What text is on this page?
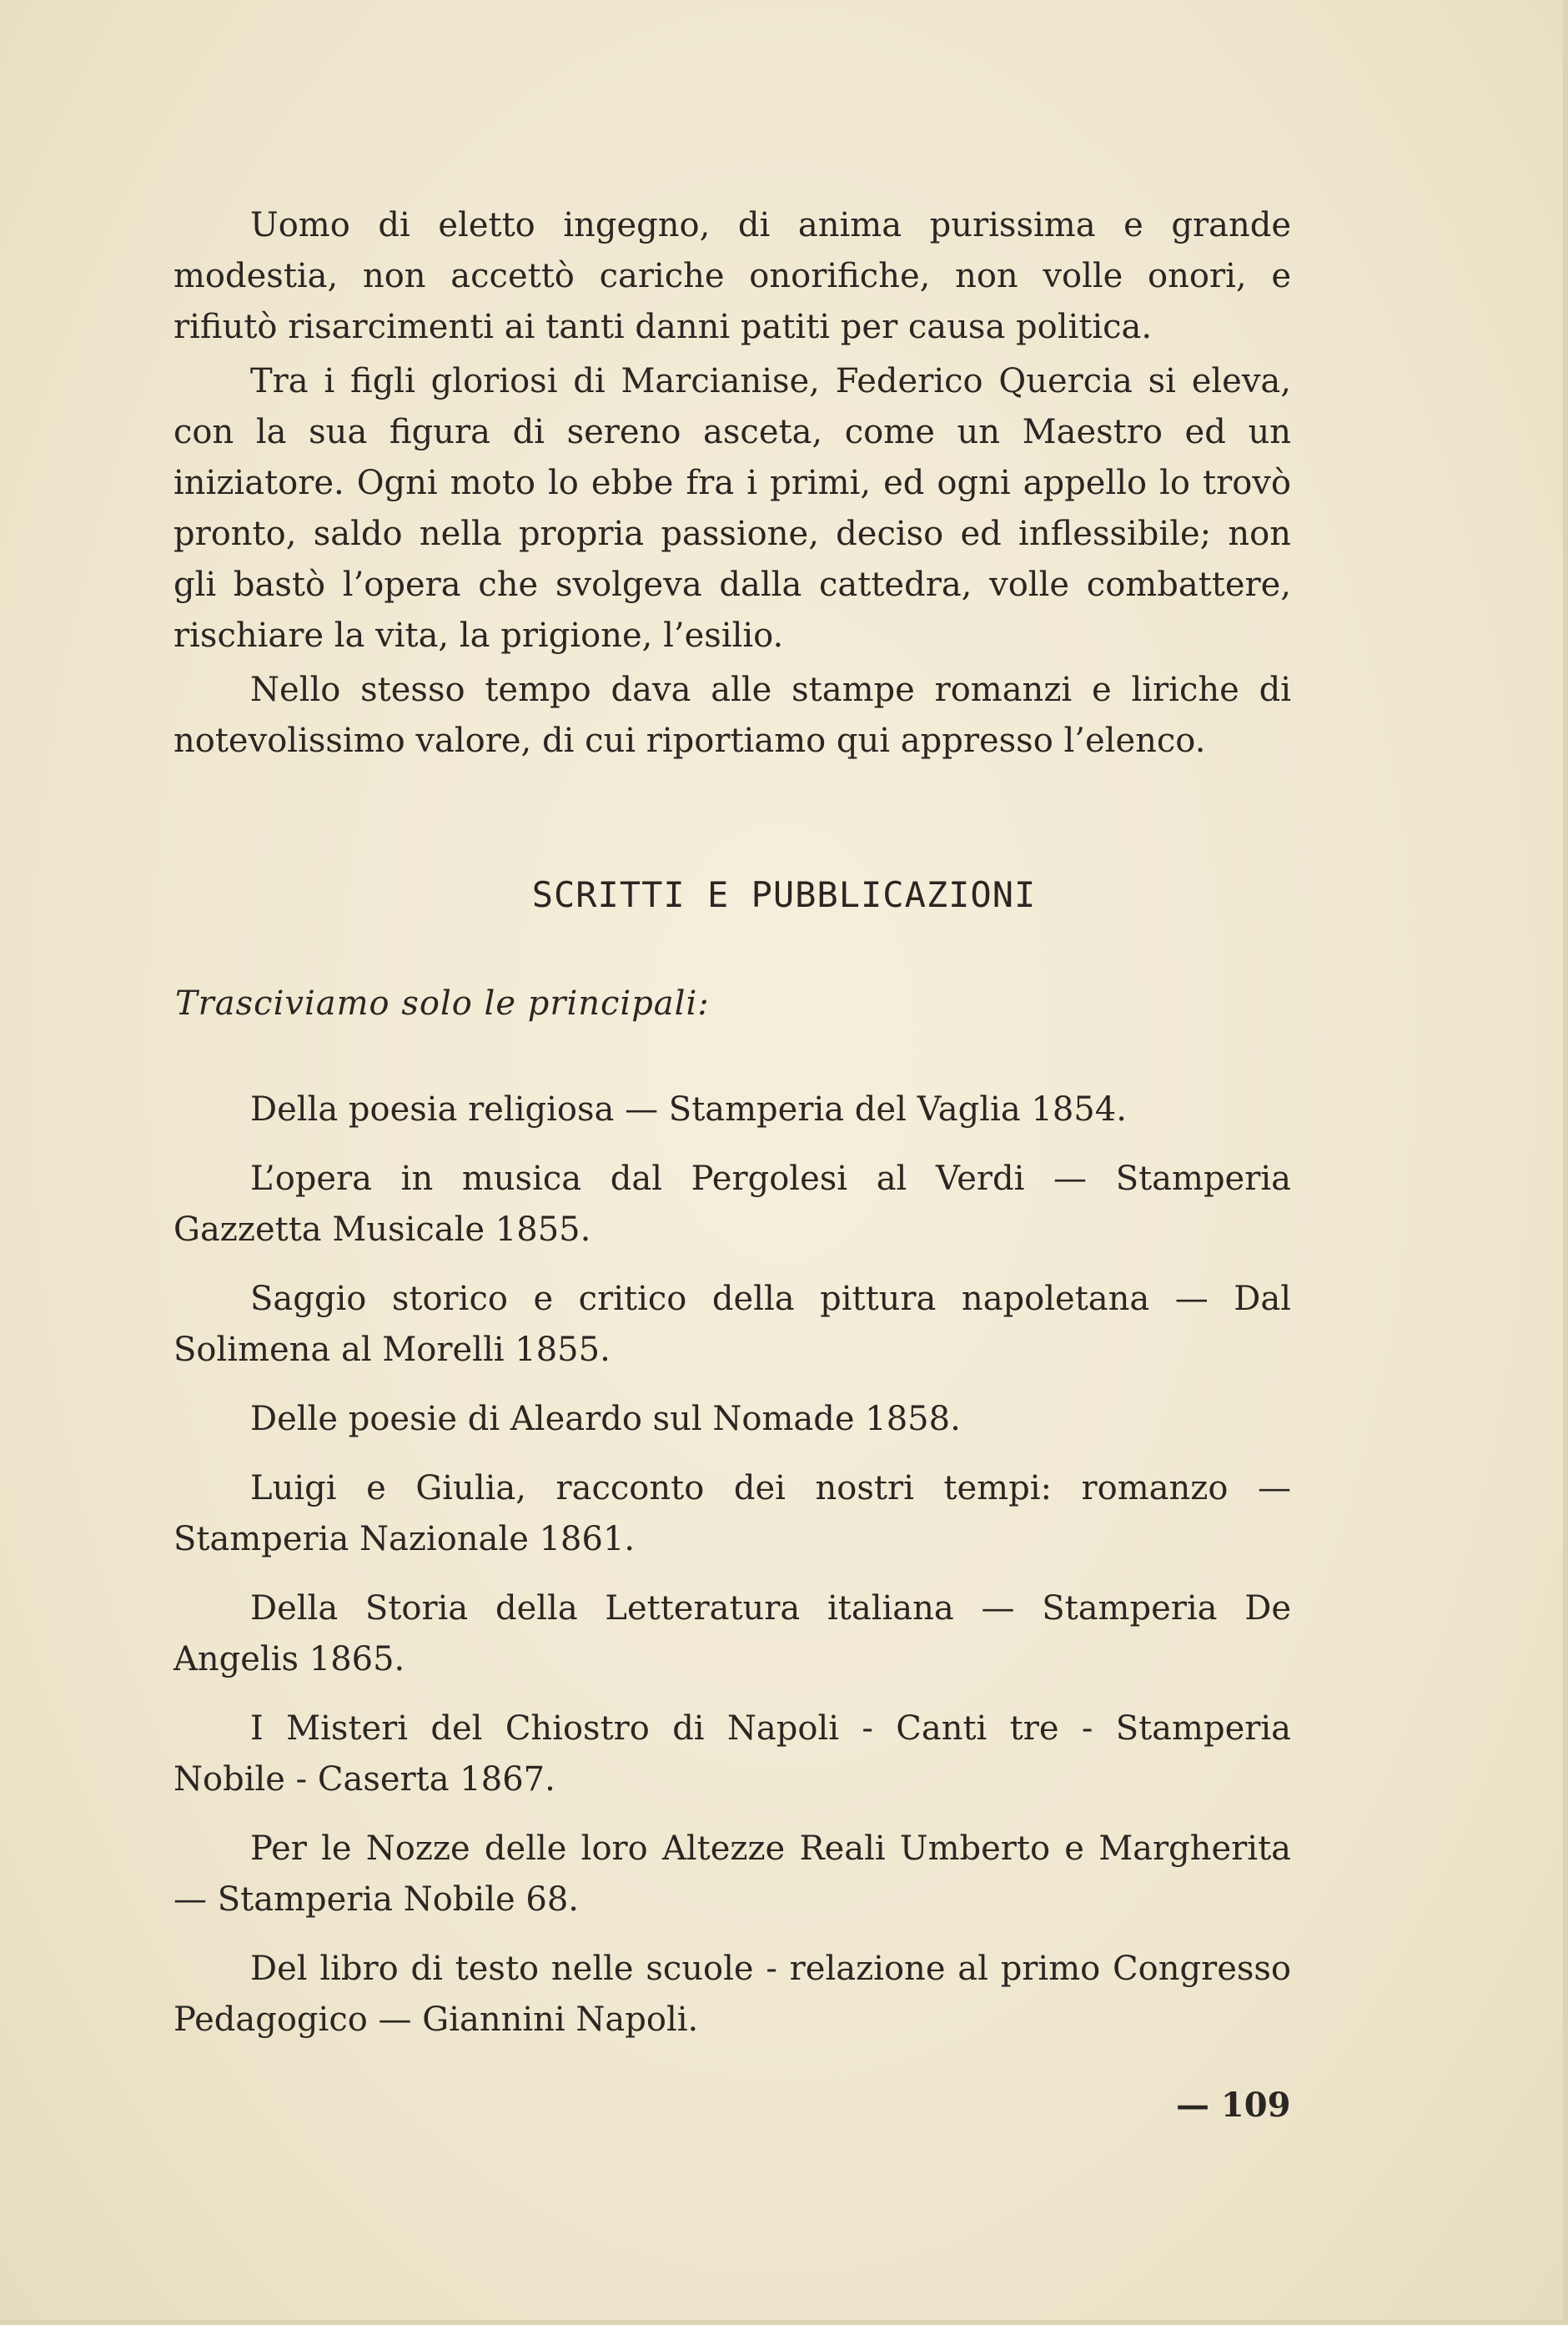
Uomo di eletto ingegno, di anima purissima e grande modestia, non accettò cariche onorifiche, non volle onori, e rifiutò risarcimenti ai tanti danni patiti per causa politica.

Tra i figli gloriosi di Marcianise, Federico Quercia si eleva, con la sua figura di sereno asceta, come un Maestro ed un iniziatore. Ogni moto lo ebbe fra i primi, ed ogni appello lo trovò pronto, saldo nella propria passione, deciso ed inflessibile; non gli bastò l’opera che svolgeva dalla cattedra, volle combattere, rischiare la vita, la prigione, l’esilio.

Nello stesso tempo dava alle stampe romanzi e liriche di notevolissimo valore, di cui riportiamo qui appresso l’elenco.

SCRITTI E PUBBLICAZIONI
Trasciviamo solo le principali:

Della poesia religiosa — Stamperia del Vaglia 1854.

L’opera in musica dal Pergolesi al Verdi — Stamperia Gazzetta Musicale 1855.

Saggio storico e critico della pittura napoletana — Dal Solimena al Morelli 1855.

Delle poesie di Aleardo sul Nomade 1858.

Luigi e Giulia, racconto dei nostri tempi: romanzo — Stamperia Nazionale 1861.

Della Storia della Letteratura italiana — Stamperia De Angelis 1865.

I Misteri del Chiostro di Napoli - Canti tre - Stamperia Nobile - Caserta 1867.

Per le Nozze delle loro Altezze Reali Umberto e Margherita — Stamperia Nobile 68.

Del libro di testo nelle scuole - relazione al primo Congresso Pedagogico — Giannini Napoli.

— 109
